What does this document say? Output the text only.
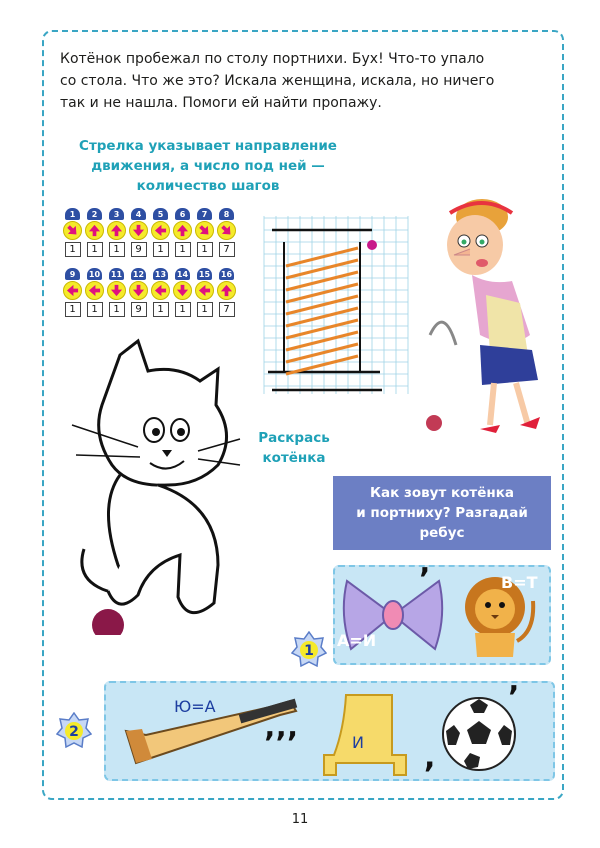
Котёнок пробежал по столу портнихи. Бух! Что-то упало
со стола. Что же это? Искала женщина, искала, но ничего
так и не нашла. Помоги ей найти пропажу.

Стрелка указывает направление
движения, а число под ней —
количество шагов
1
1
2
1
3
1
4
9
5
1
6
1
7
1
8
7
9
1
10
1
11
1
12
9
13
1
14
1
15
1
16
7
Раскрась
котёнка
Как зовут котёнка
и портниху? Разгадай
ребус
А=И
’	В=Т
1
Ю=А
’’’	И ,
’
2
11
